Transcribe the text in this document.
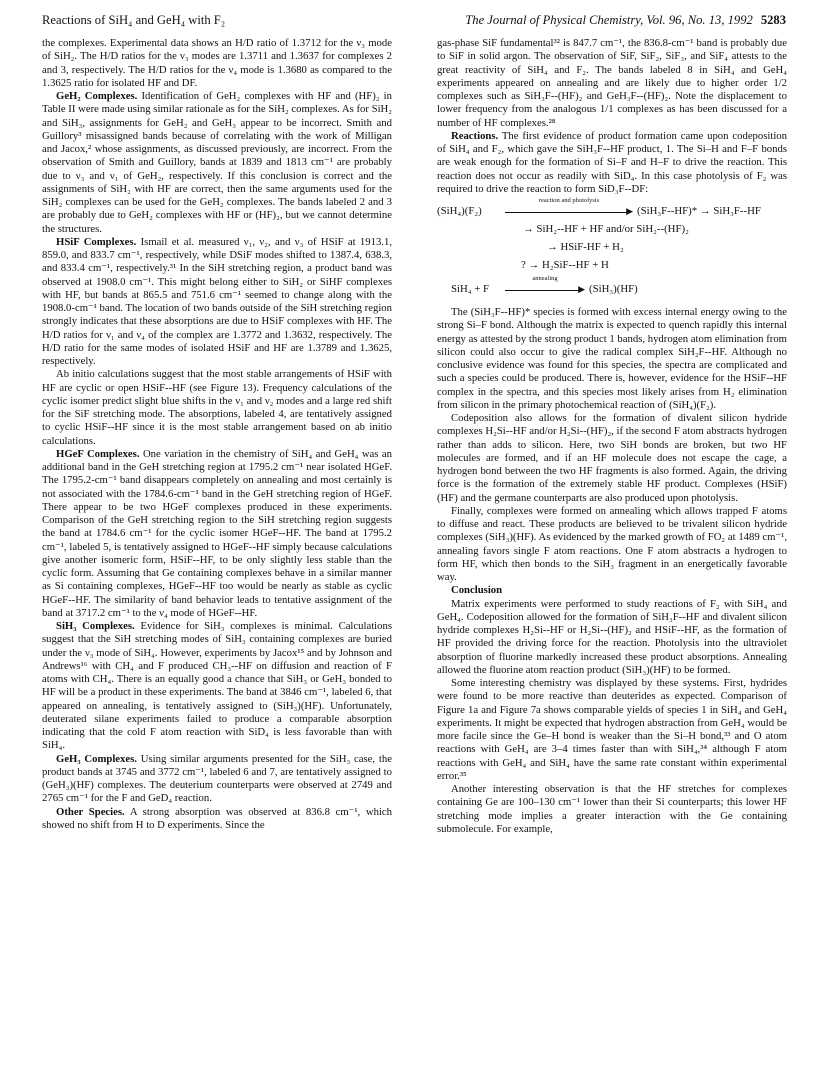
Reactions of SiH₄ and GeH₄ with F₂	The Journal of Physical Chemistry, Vol. 96, No. 13, 1992 5283

the complexes. Experimental data shows an H/D ratio of 1.3712 for the ν₃ mode of SiH₂. The H/D ratios for the ν₃ modes are 1.3711 and 1.3637 for complexes 2 and 3, respectively. The H/D ratios for the ν₄ mode is 1.3680 as compared to the 1.3625 ratio for isolated HF and DF.

GeH₂ Complexes. Identification of GeH₂ complexes with HF and (HF)₂ in Table II were made using similar rationale as for the SiH₂ complexes. As for SiH₂ and SiH₃, assignments for GeH₂ and GeH₃ appear to be incorrect. Smith and Guillory³ misassigned bands because of correlating with the work of Milligan and Jacox,² whose assignments, as discussed previously, are incorrect. From the observation of Smith and Guillory, bands at 1839 and 1813 cm⁻¹ are probably due to ν₃ and ν₁ of GeH₂, respectively. If this conclusion is correct and the assignments of SiH₂ with HF are correct, then the same arguments used for the SiH₂ complexes can be used for the GeH₂ complexes. The bands labeled 2 and 3 are probably due to GeH₂ complexes with HF or (HF)₂, but we cannot determine the structures.

HSiF Complexes. Ismail et al. measured ν₁, ν₂, and ν₃ of HSiF at 1913.1, 859.0, and 833.7 cm⁻¹, respectively, while DSiF modes shifted to 1387.4, 638.3, and 833.4 cm⁻¹, respectively.³¹ In the SiH stretching region, a product band was observed at 1908.0 cm⁻¹. This might belong either to SiH₂ or SiHF complexes with HF, but bands at 865.5 and 751.6 cm⁻¹ seemed to change along with the 1908.0-cm⁻¹ band. The location of two bands outside of the SiH stretching region strongly indicates that these absorptions are due to HSiF complexes with HF. The H/D ratios for ν₁ and ν₄ of the complex are 1.3772 and 1.3632, respectively. The H/D ratio for the same modes of isolated HSiF and HF are 1.3789 and 1.3625, respectively.

Ab initio calculations suggest that the most stable arrangements of HSiF with HF are cyclic or open HSiF--HF (see Figure 13). Frequency calculations of the cyclic isomer predict slight blue shifts in the ν₁ and ν₂ modes and a large red shift for the SiF stretching mode. The absorptions, labeled 4, are tentatively assigned to cyclic HSiF--HF since it is the most stable arrangement based on ab initio calculations.

HGeF Complexes. One variation in the chemistry of SiH₄ and GeH₄ was an additional band in the GeH stretching region at 1795.2 cm⁻¹ near isolated HGeF. The 1795.2-cm⁻¹ band disappears completely on annealing and most certainly is not associated with the 1784.6-cm⁻¹ band in the GeH stretching region of HGeF. There appear to be two HGeF complexes produced in these experiments. Comparison of the GeH stretching region to the SiH stretching region suggests the band at 1784.6 cm⁻¹ for the cyclic isomer HGeF--HF. The band at 1795.2 cm⁻¹, labeled 5, is tentatively assigned to HGeF--HF simply because calculations give another isomeric form, HSiF--HF, to be only slightly less stable than the cyclic form. Assuming that Ge containing complexes behave in a similar manner as Si containing complexes, HGeF--HF too would be nearly as stable as cyclic HGeF--HF. The similarity of band behavior leads to tentative assignment of the band at 3717.2 cm⁻¹ to the ν₄ mode of HGeF--HF.

SiH₃ Complexes. Evidence for SiH₃ complexes is minimal. Calculations suggest that the SiH stretching modes of SiH₃ containing complexes are buried under the ν₃ mode of SiH₄. However, experiments by Jacox¹⁵ and by Johnson and Andrews¹⁶ with CH₄ and F produced CH₃--HF on diffusion and reaction of F atoms with CH₄. There is an equally good a chance that SiH₃ or GeH₃ bonded to HF will be a product in these experiments. The band at 3846 cm⁻¹, labeled 6, that appeared on annealing, is tentatively assigned to (SiH₃)(HF). Unfortunately, deuterated silane experiments failed to produce a comparable absorption indicating that the cold F atom reaction with SiD₄ is less favorable than with SiH₄.

GeH₃ Complexes. Using similar arguments presented for the SiH₃ case, the product bands at 3745 and 3772 cm⁻¹, labeled 6 and 7, are tentatively assigned to (GeH₃)(HF) complexes. The deuterium counterparts were observed at 2749 and 2765 cm⁻¹ for the F and GeD₄ reaction.

Other Species. A strong absorption was observed at 836.8 cm⁻¹, which showed no shift from H to D experiments. Since the

gas-phase SiF fundamental³² is 847.7 cm⁻¹, the 836.8-cm⁻¹ band is probably due to SiF in solid argon. The observation of SiF, SiF₂, SiF₃, and SiF₄ attests to the great reactivity of SiH₄ and F₂. The bands labeled 8 in SiH₄ and GeH₄ experiments appeared on annealing and are likely due to higher order 1/2 complexes such as SiH₃F--(HF)₂ and GeH₃F--(HF)₂. Note the displacement to lower frequency from the analogous 1/1 complexes as has been discussed for a number of HF complexes.²⁸

Reactions. The first evidence of product formation came upon codeposition of SiH₄ and F₂, which gave the SiH₃F--HF product, 1. The Si–H and F–F bonds are weak enough for the formation of Si–F and H–F to drive the reaction. This reaction does not occur as readily with SiD₄. In this case photolysis of F₂ was required to drive the reaction to form SiD₃F--DF:

(SiH₄)(F₂)
reaction and photolysis
▶ (SiH₃F--HF)* → SiH₃F--HF
→ SiH₂--HF + HF and/or SiH₂--(HF)₂
→ HSiF-HF + H₂
? → H₂SiF--HF + H
SiH₄ + F
annealing
▶ (SiH₃)(HF)

The (SiH₃F--HF)* species is formed with excess internal energy owing to the strong Si–F bond. Although the matrix is expected to quench rapidly this internal energy as attested by the strong product 1 bands, hydrogen atom elimination from silicon could also occur to give the radical complex SiH₂F--HF. Although no conclusive evidence was found for this species, the spectra are complicated and such a species could be produced. There is, however, evidence for the HSiF--HF complex in the spectra, and this species most likely arises from H₂ elimination from silicon in the primary photochemical reaction of (SiH₄)(F₂).

Codeposition also allows for the formation of divalent silicon hydride complexes H₂Si--HF and/or H₂Si--(HF)₂, if the second F atom abstracts hydrogen rather than adds to silicon. Here, two SiH bonds are broken, but two HF molecules are formed, and if an HF molecule does not escape the cage, a hydrogen bond between the two HF fragments is also formed. Again, the driving force is the formation of the extremely stable HF product. Complexes (HSiF)(HF) and the germane counterparts are also produced upon photolysis.

Finally, complexes were formed on annealing which allows trapped F atoms to diffuse and react. These products are believed to be trivalent silicon hydride complexes (SiH₃)(HF). As evidenced by the marked growth of FO₂ at 1489 cm⁻¹, annealing favors single F atom reactions. One F atom abstracts a hydrogen to form HF, which then bonds to the SiH₃ fragment in an energetically favorable way.

Conclusion

Matrix experiments were performed to study reactions of F₂ with SiH₄ and GeH₄. Codeposition allowed for the formation of SiH₃F--HF and divalent silicon hydride complexes H₂Si--HF or H₂Si--(HF)₂ and HSiF--HF, as the formation of HF provided the driving force for the reaction. Photolysis into the ultraviolet absorption of fluorine markedly increased these product absorptions. Annealing allowed the fluorine atom reaction product (SiH₃)(HF) to be formed.

Some interesting chemistry was displayed by these systems. First, hydrides were found to be more reactive than deuterides as expected. Comparison of Figure 1a and Figure 7a shows comparable yields of species 1 in SiH₄ and GeH₄ experiments. It might be expected that hydrogen abstraction from GeH₄ would be more facile since the Ge–H bond is weaker than the Si–H bond,³³ and O atom reactions with GeH₄ are 3–4 times faster than with SiH₄,³⁴ although F atom reactions with GeH₄ and SiH₄ have the same rate constant within experimental error.³⁵

Another interesting observation is that the HF stretches for complexes containing Ge are 100–130 cm⁻¹ lower than their Si counterparts; this lower HF stretching mode implies a greater interaction with the Ge containing submolecule. For example,
